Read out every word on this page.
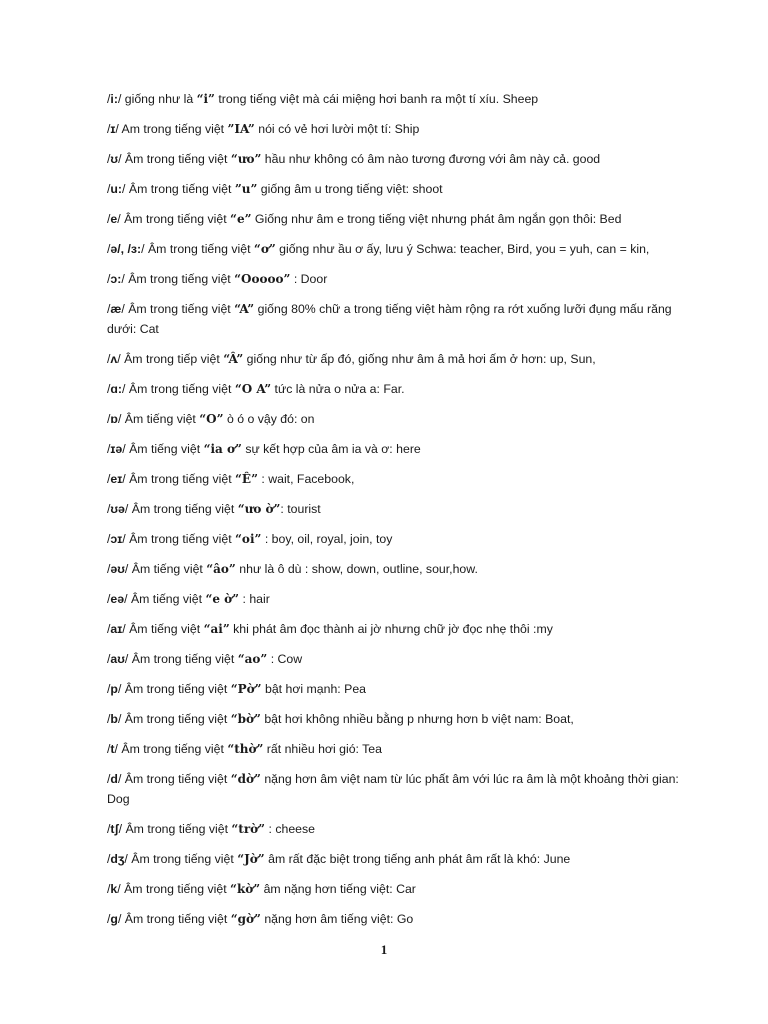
/i:/ giống như là “i” trong tiếng việt mà cái miệng hơi banh ra một tí xíu. Sheep
/ɪ/ Am trong tiếng việt ”IA” nói có vẻ hơi lười một tí: Ship
/ʊ/ Âm trong tiếng việt “ưo” hầu như không có âm nào tương đương với âm này cả. good
/u:/ Âm trong tiếng việt ”u” giống âm u trong tiếng việt: shoot
/e/ Âm trong tiếng việt “e” Giống như âm e trong tiếng việt nhưng phát âm ngắn gọn thôi: Bed
/ə/, /ɜ:/ Âm trong tiếng việt “ơ” giống như ầu ơ ấy, lưu ý Schwa: teacher, Bird, you = yuh, can = kin,
/ɔ:/ Âm trong tiếng việt “Ooooo” : Door
/æ/ Âm trong tiếng việt “A” giống 80% chữ a trong tiếng việt hàm rộng ra rớt xuống lưỡi đụng mấu răng dưới: Cat
/ʌ/ Âm trong tiếp việt “Â” giống như từ ấp đó, giống như âm â mả hơi ấm ở hơn: up, Sun,
/ɑ:/ Âm trong tiếng việt “O A” tức là nửa o nửa a: Far.
/ɒ/ Âm tiếng việt “O” ò ó o vậy đó: on
/ɪə/ Âm tiếng việt “ia ơ” sự kết hợp của âm ia và ơ: here
/eɪ/ Âm trong tiếng việt “Ê” : wait, Facebook,
/ʊə/ Âm trong tiếng việt “ưo ờ”: tourist
/ɔɪ/ Âm trong tiếng việt “oi” : boy, oil, royal, join, toy
/əʊ/ Âm tiếng việt “âo” như là ô dù : show, down, outline, sour,how.
/eə/ Âm tiếng việt “e ờ” : hair
/aɪ/ Âm tiếng việt “ai” khi phát âm đọc thành ai jờ nhưng chữ jờ đọc nhẹ thôi :my
/aʊ/ Âm trong tiếng việt “ao” : Cow
/p/ Âm trong tiếng việt “Pờ” bật hơi mạnh: Pea
/b/ Âm trong tiếng việt “bờ” bật hơi không nhiều bằng p nhưng hơn b việt nam: Boat,
/t/ Âm trong tiếng việt “thờ” rất nhiều hơi gió: Tea
/d/ Âm trong tiếng việt “dờ” nặng hơn âm việt nam từ lúc phất âm với lúc ra âm là một khoảng thời gian: Dog
/tʃ/ Âm trong tiếng việt “trờ” : cheese
/dʒ/ Âm trong tiếng việt “Jờ” âm rất đặc biệt trong tiếng anh phát âm rất là khó: June
/k/ Âm trong tiếng việt “kờ” âm nặng hơn tiếng việt: Car
/g/ Âm trong tiếng việt “gờ” nặng hơn âm tiếng việt: Go
1
